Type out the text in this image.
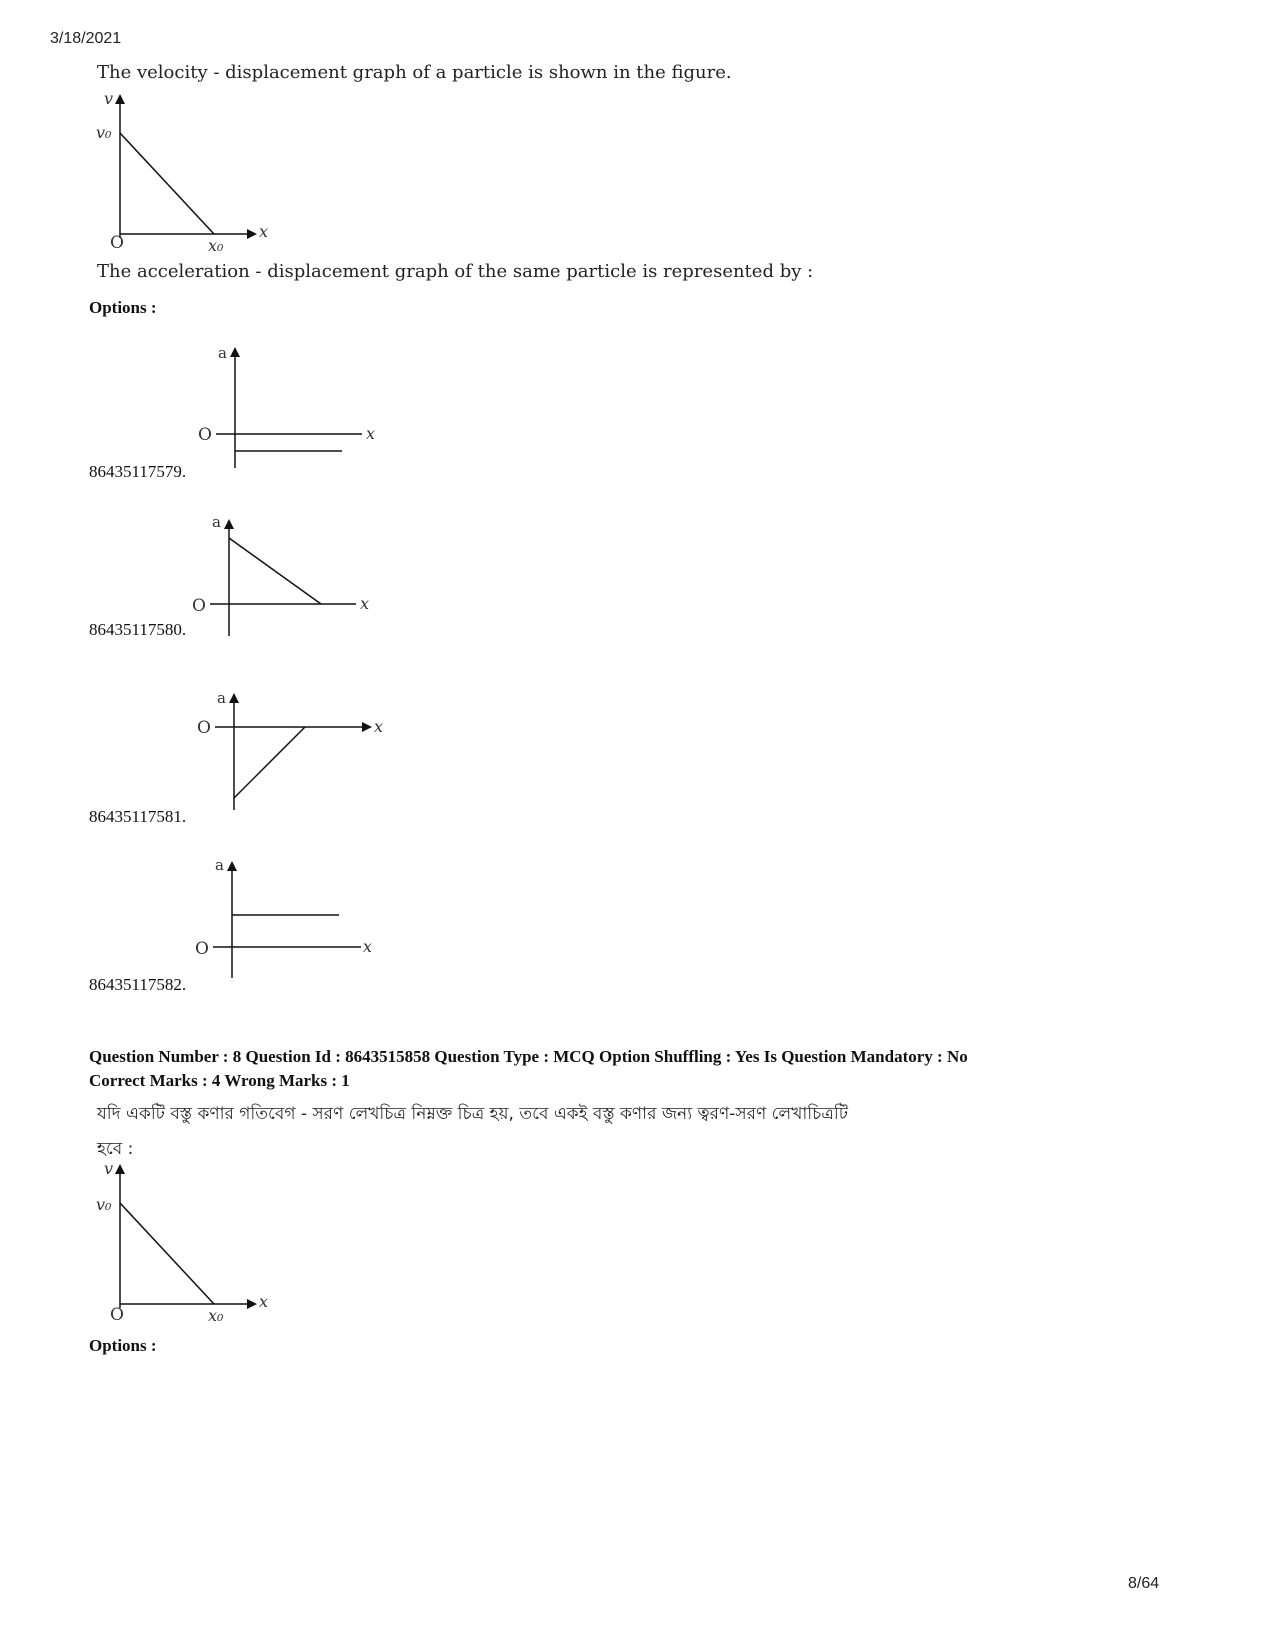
3/18/2021
The velocity - displacement graph of a particle is shown in the figure.
v
v₀
O	x₀
x
The acceleration - displacement graph of the same particle is represented by :
Options :
a
O	x
86435117579.
a
O	x
86435117580.
a
O	x
86435117581.
a
O	x
86435117582.
Question Number : 8 Question Id : 8643515858 Question Type : MCQ Option Shuffling : Yes Is Question Mandatory : No
Correct Marks : 4 Wrong Marks : 1
যদি একটি বস্তু কণার গতিবেগ - সরণ লেখচিত্র নিম্নক্ত চিত্র হয়, তবে একই বস্তু কণার জন্য ত্বরণ-সরণ লেখাচিত্রটি
হবে :
v
v₀
O	x₀
x
Options :
8/64
